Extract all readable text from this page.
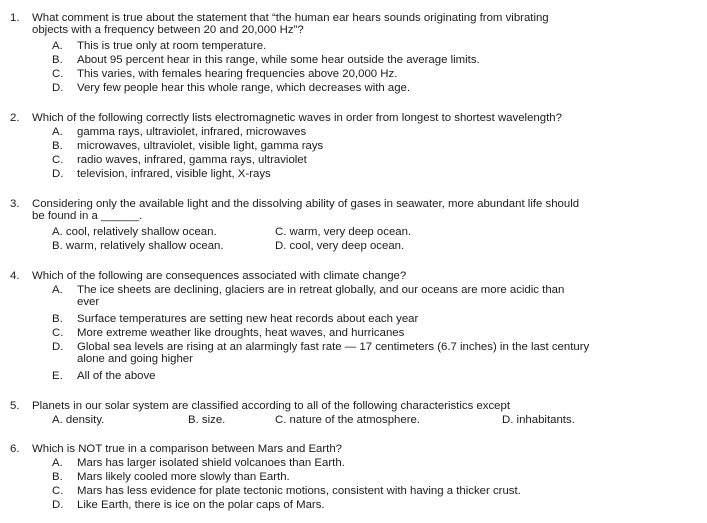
1. What comment is true about the statement that “the human ear hears sounds originating from vibrating
objects with a frequency between 20 and 20,000 Hz”?
A. This is true only at room temperature.
B. About 95 percent hear in this range, while some hear outside the average limits.
C. This varies, with females hearing frequencies above 20,000 Hz.
D. Very few people hear this whole range, which decreases with age.
2. Which of the following correctly lists electromagnetic waves in order from longest to shortest wavelength?
A. gamma rays, ultraviolet, infrared, microwaves
B. microwaves, ultraviolet, visible light, gamma rays
C. radio waves, infrared, gamma rays, ultraviolet
D. television, infrared, visible light, X-rays
3. Considering only the available light and the dissolving ability of gases in seawater, more abundant life should
be found in a ______.
A. cool, relatively shallow ocean.	C. warm, very deep ocean.
B. warm, relatively shallow ocean.	D. cool, very deep ocean.
4. Which of the following are consequences associated with climate change?
A. The ice sheets are declining, glaciers are in retreat globally, and our oceans are more acidic than
ever
B. Surface temperatures are setting new heat records about each year
C. More extreme weather like droughts, heat waves, and hurricanes
D. Global sea levels are rising at an alarmingly fast rate — 17 centimeters (6.7 inches) in the last century
alone and going higher
E. All of the above
5. Planets in our solar system are classified according to all of the following characteristics except
A. density.	B. size.	C. nature of the atmosphere.	D. inhabitants.
6. Which is NOT true in a comparison between Mars and Earth?
A. Mars has larger isolated shield volcanoes than Earth.
B. Mars likely cooled more slowly than Earth.
C. Mars has less evidence for plate tectonic motions, consistent with having a thicker crust.
D. Like Earth, there is ice on the polar caps of Mars.
